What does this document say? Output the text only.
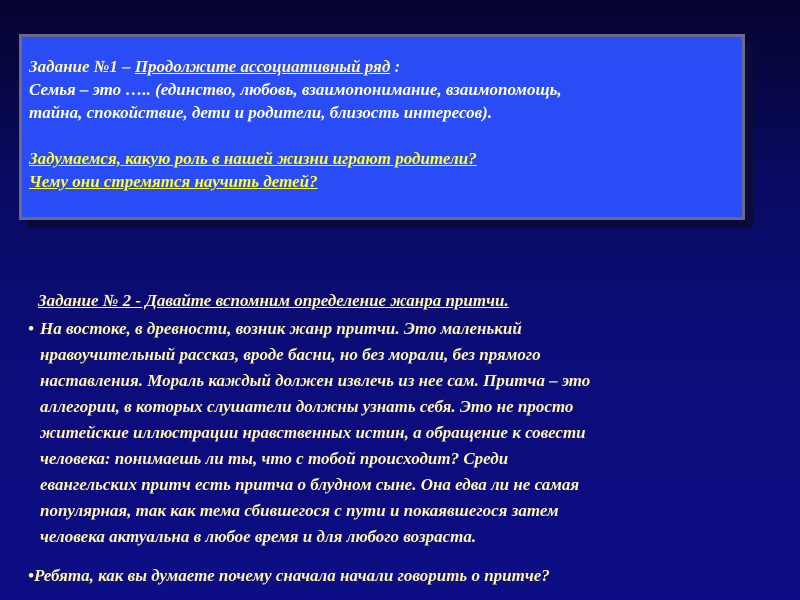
Задание №1 – Продолжите ассоциативный ряд :
Семья – это ….. (единство, любовь, взаимопонимание, взаимопомощь,
тайна, спокойствие, дети и родители, близость интересов).
Задумаемся, какую роль в нашей жизни играют родители?
Чему они стремятся научить детей?
Задание № 2 - Давайте вспомним определение жанра притчи.
• На востоке, в древности, возник жанр притчи. Это маленький
нравоучительный рассказ, вроде басни, но без морали, без прямого
наставления. Мораль каждый должен извлечь из нее сам. Притча – это
аллегории, в которых слушатели должны узнать себя. Это не просто
житейские иллюстрации нравственных истин, а обращение к совести
человека: понимаешь ли ты, что с тобой происходит? Среди
евангельских притч есть притча о блудном сыне. Она едва ли не самая
популярная, так как тема сбившегося с пути и покаявшегося затем
человека актуальна в любое время и для любого возраста.
•Ребята, как вы думаете почему сначала начали говорить о притче?
